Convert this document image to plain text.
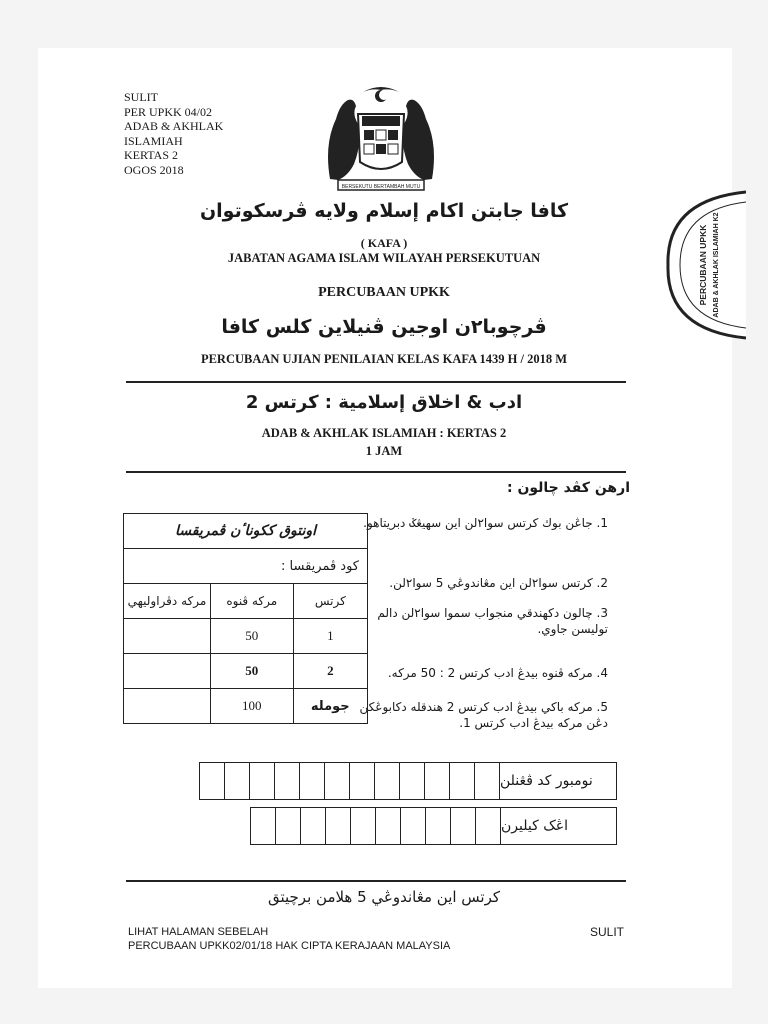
SULIT
PER UPKK 04/02
ADAB & AKHLAK
ISLAMIAH
KERTAS 2
OGOS 2018
BERSEKUTU BERTAMBAH MUTU
PERCUBAAN UPKK ADAB & AKHLAK ISLAMIAH K2
كافا جابتن اكام إسلام ولايه ڤرسكوتوان
( KAFA )
JABATAN AGAMA ISLAM WILAYAH PERSEKUTUAN
PERCUBAAN UPKK
ڤرچوبا٢ن اوجين ڤنيلاين كلس كافا
PERCUBAAN UJIAN PENILAIAN KELAS KAFA 1439 H / 2018 M
ادب & اخلاق إسلامية : كرتس 2
ADAB & AKHLAK ISLAMIAH : KERTAS 2
1 JAM
ارهن كڤد چالون :
1. جاڠن بوك كرتس سوا٢لن اين سهيڠݢ دبريتاهو.
2. كرتس سوا٢لن اين مڠاندوڠي 5 سوا٢لن.
3. چالون دكهندقي منجواب سموا سوا٢لن دالم توليسن جاوي.
4. مركه ڤنوه بيدڠ ادب كرتس 2 : 50 مركه.
5. مركه باكي بيدڠ ادب كرتس 2 هندقله دكابوڠكن دڠن مركه بيدڠ ادب كرتس 1.
اونتوق ککوناٴن ڤمريقسا		
كود ڤمريقسا :		
مركه دڤراوليهي	مركه ڤنوه	كرتس
	50	1
	50	2
	100	جومله
نومبور كد ڤڠنلن
اڠک كيليرن
كرتس اين مڠاندوڠي 5 هلامن برچيتق
LIHAT HALAMAN SEBELAH
PERCUBAAN UPKK02/01/18 HAK CIPTA KERAJAAN MALAYSIA
SULIT
